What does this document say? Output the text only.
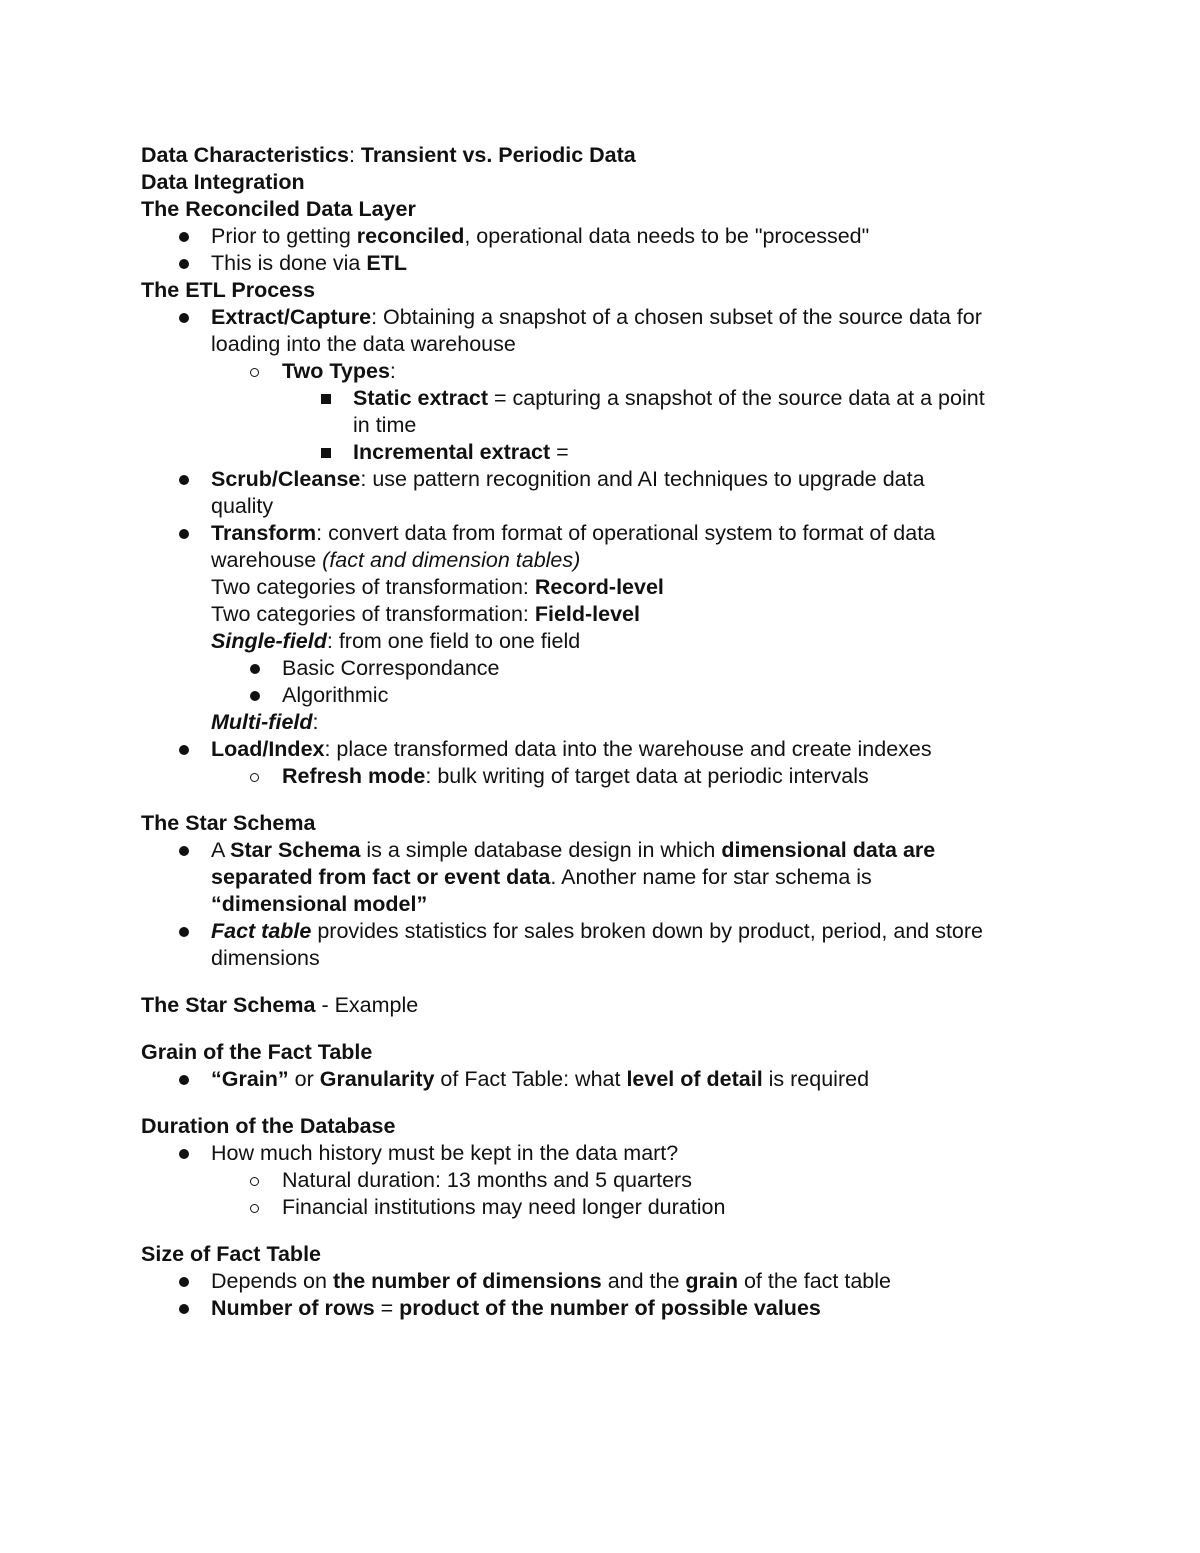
Data Characteristics: Transient vs. Periodic Data

Data Integration

The Reconciled Data Layer

Prior to getting reconciled, operational data needs to be "processed"

This is done via ETL

The ETL Process

Extract/Capture: Obtaining a snapshot of a chosen subset of the source data for

loading into the data warehouse

Two Types:

Static extract = capturing a snapshot of the source data at a point

in time

Incremental extract =

Scrub/Cleanse: use pattern recognition and AI techniques to upgrade data

quality

Transform: convert data from format of operational system to format of data

warehouse (fact and dimension tables)

Two categories of transformation: Record-level

Two categories of transformation: Field-level

Single-field: from one field to one field

Basic Correspondance

Algorithmic

Multi-field:

Load/Index: place transformed data into the warehouse and create indexes

Refresh mode: bulk writing of target data at periodic intervals

The Star Schema

A Star Schema is a simple database design in which dimensional data are

separated from fact or event data. Another name for star schema is

“dimensional model”

Fact table provides statistics for sales broken down by product, period, and store

dimensions

The Star Schema - Example

Grain of the Fact Table

“Grain” or Granularity of Fact Table: what level of detail is required

Duration of the Database

How much history must be kept in the data mart?

Natural duration: 13 months and 5 quarters

Financial institutions may need longer duration

Size of Fact Table

Depends on the number of dimensions and the grain of the fact table

Number of rows = product of the number of possible values
